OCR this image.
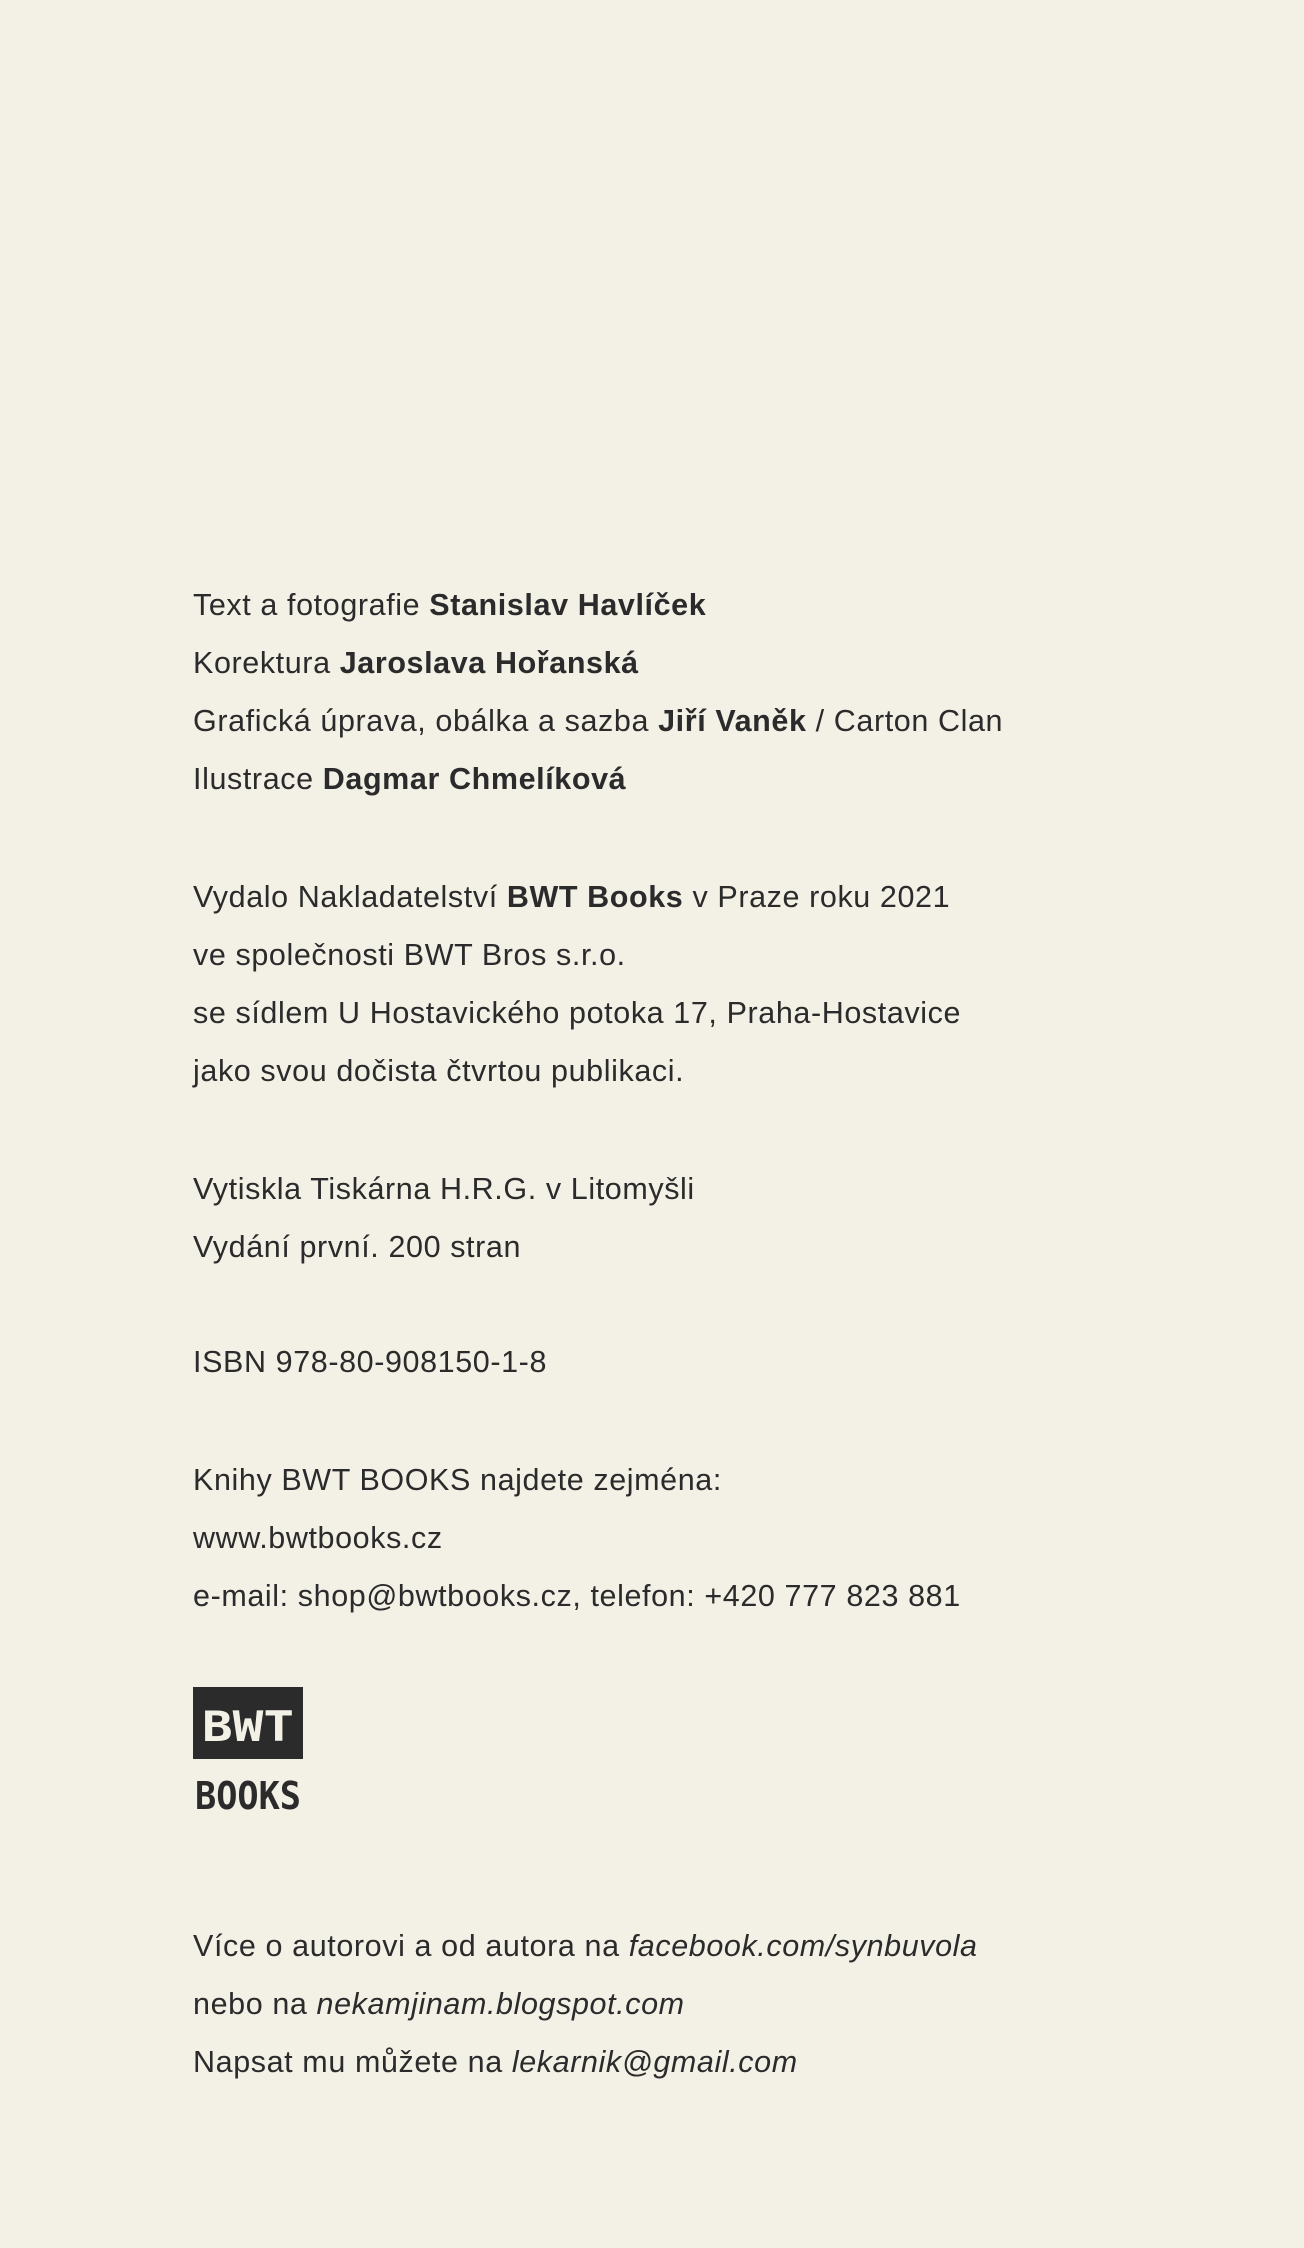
Text a fotografie Stanislav Havlíček
Korektura Jaroslava Hořanská
Grafická úprava, obálka a sazba Jiří Vaněk / Carton Clan
Ilustrace Dagmar Chmelíková
Vydalo Nakladatelství BWT Books v Praze roku 2021
ve společnosti BWT Bros s.r.o.
se sídlem U Hostavického potoka 17, Praha-Hostavice
jako svou dočista čtvrtou publikaci.
Vytiskla Tiskárna H.R.G. v Litomyšli
Vydání první. 200 stran
ISBN 978-80-908150-1-8
Knihy BWT BOOKS najdete zejména:
www.bwtbooks.cz
e-mail: shop@bwtbooks.cz, telefon: +420 777 823 881
BWT
BOOKS
Více o autorovi a od autora na facebook.com/synbuvola
nebo na nekamjinam.blogspot.com
Napsat mu můžete na lekarnik@gmail.com
